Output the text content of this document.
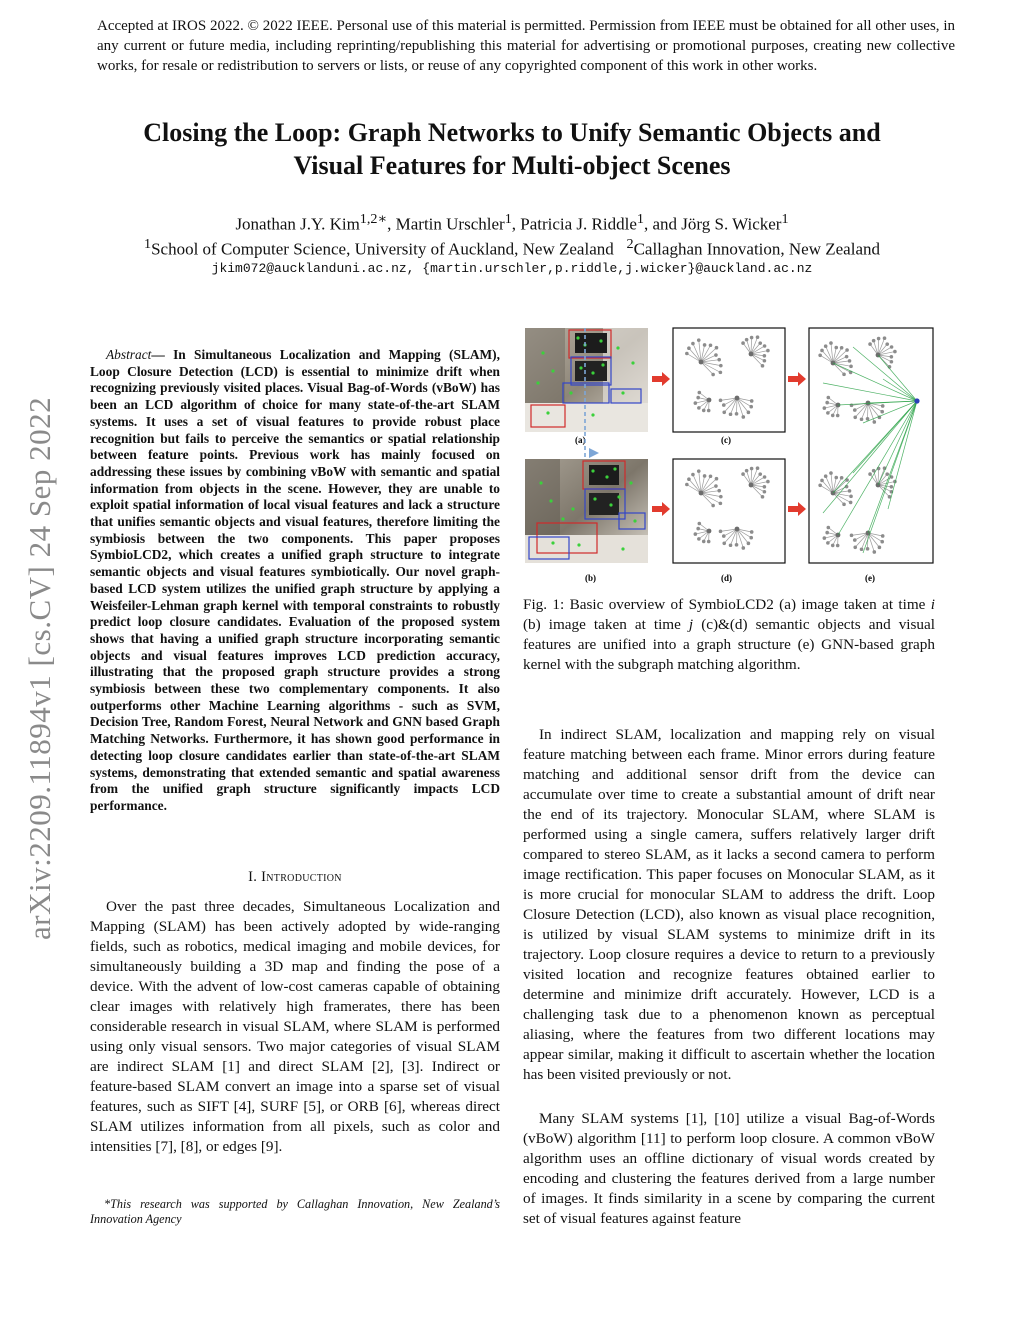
Accepted at IROS 2022. © 2022 IEEE. Personal use of this material is permitted. Permission from IEEE must be obtained for all other uses, in any current or future media, including reprinting/republishing this material for advertising or promotional purposes, creating new collective works, for resale or redistribution to servers or lists, or reuse of any copyrighted component of this work in other works.
Closing the Loop: Graph Networks to Unify Semantic Objects and
Visual Features for Multi-object Scenes
Jonathan J.Y. Kim$^{1,2∗}$, Martin Urschler$^1$, Patricia J. Riddle$^1$, and Jörg S. Wicker$^1$
$^1$School of Computer Science, University of Auckland, New Zealand $^2$Callaghan Innovation, New Zealand
jkim072@aucklanduni.ac.nz, {martin.urschler,p.riddle,j.wicker}@auckland.ac.nz
arXiv:2209.11894v1 [cs.CV] 24 Sep 2022
Abstract— In Simultaneous Localization and Mapping (SLAM), Loop Closure Detection (LCD) is essential to minimize drift when recognizing previously visited places. Visual Bag-of-Words (vBoW) has been an LCD algorithm of choice for many state-of-the-art SLAM systems. It uses a set of visual features to provide robust place recognition but fails to perceive the semantics or spatial relationship between feature points. Previous work has mainly focused on addressing these issues by combining vBoW with semantic and spatial information from objects in the scene. However, they are unable to exploit spatial information of local visual features and lack a structure that unifies semantic objects and visual features, therefore limiting the symbiosis between the two components. This paper proposes SymbioLCD2, which creates a unified graph structure to integrate semantic objects and visual features symbiotically. Our novel graph-based LCD system utilizes the unified graph structure by applying a Weisfeiler-Lehman graph kernel with temporal constraints to robustly predict loop closure candidates. Evaluation of the proposed system shows that having a unified graph structure incorporating semantic objects and visual features improves LCD prediction accuracy, illustrating that the proposed graph structure provides a strong symbiosis between these two complementary components. It also outperforms other Machine Learning algorithms - such as SVM, Decision Tree, Random Forest, Neural Network and GNN based Graph Matching Networks. Furthermore, it has shown good performance in detecting loop closure candidates earlier than state-of-the-art SLAM systems, demonstrating that extended semantic and spatial awareness from the unified graph structure significantly impacts LCD performance.
I. Introduction
Over the past three decades, Simultaneous Localization and Mapping (SLAM) has been actively adopted by wide-ranging fields, such as robotics, medical imaging and mobile devices, for simultaneously building a 3D map and finding the pose of a device. With the advent of low-cost cameras capable of obtaining clear images with relatively high framerates, there has been considerable research in visual SLAM, where SLAM is performed using only visual sensors. Two major categories of visual SLAM are indirect SLAM [1] and direct SLAM [2], [3]. Indirect or feature-based SLAM convert an image into a sparse set of visual features, such as SIFT [4], SURF [5], or ORB [6], whereas direct SLAM utilizes information from all pixels, such as color and intensities [7], [8], or edges [9].
*This research was supported by Callaghan Innovation, New Zealand’s Innovation Agency
(a)
(b)
(c)
(d)	(e)
Fig. 1: Basic overview of SymbioLCD2 (a) image taken at time i (b) image taken at time j (c)&(d) semantic objects and visual features are unified into a graph structure (e) GNN-based graph kernel with the subgraph matching algorithm.
In indirect SLAM, localization and mapping rely on visual feature matching between each frame. Minor errors during feature matching and additional sensor drift from the device can accumulate over time to create a substantial amount of drift near the end of its trajectory. Monocular SLAM, where SLAM is performed using a single camera, suffers relatively larger drift compared to stereo SLAM, as it lacks a second camera to perform image rectification. This paper focuses on Monocular SLAM, as it is more crucial for monocular SLAM to address the drift. Loop Closure Detection (LCD), also known as visual place recognition, is utilized by visual SLAM systems to minimize drift in its trajectory. Loop closure requires a device to return to a previously visited location and recognize features obtained earlier to determine and minimize drift accurately. However, LCD is a challenging task due to a phenomenon known as perceptual aliasing, where the features from two different locations may appear similar, making it difficult to ascertain whether the location has been visited previously or not.
Many SLAM systems [1], [10] utilize a visual Bag-of-Words (vBoW) algorithm [11] to perform loop closure. A common vBoW algorithm uses an offline dictionary of visual words created by encoding and clustering the features derived from a large number of images. It finds similarity in a scene by comparing the current set of visual features against feature
